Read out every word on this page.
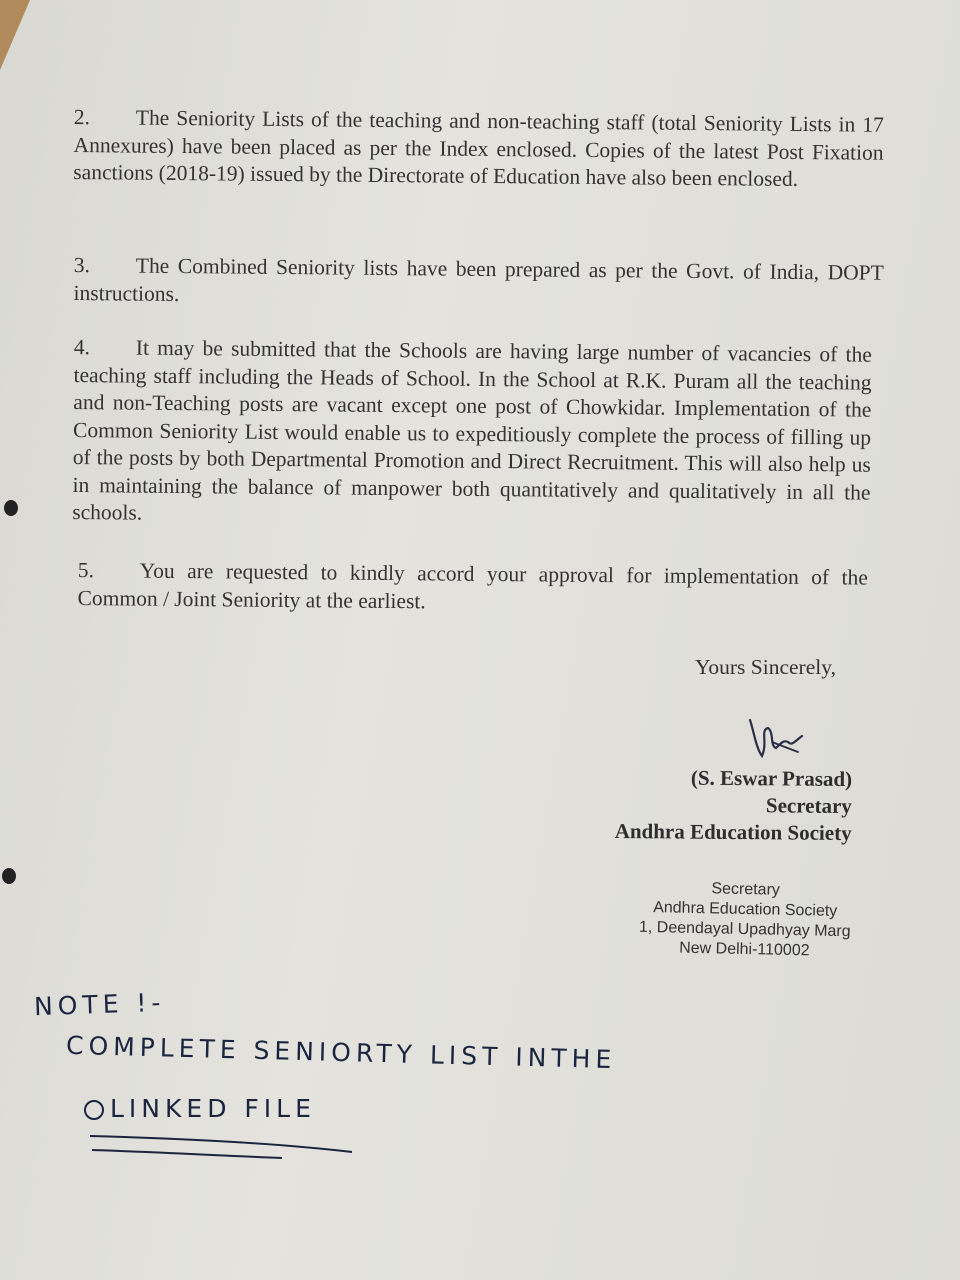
2. The Seniority Lists of the teaching and non-teaching staff (total Seniority Lists in 17 Annexures) have been placed as per the Index enclosed. Copies of the latest Post Fixation sanctions (2018-19) issued by the Directorate of Education have also been enclosed.
3. The Combined Seniority lists have been prepared as per the Govt. of India, DOPT instructions.
4. It may be submitted that the Schools are having large number of vacancies of the teaching staff including the Heads of School. In the School at R.K. Puram all the teaching and non-Teaching posts are vacant except one post of Chowkidar. Implementation of the Common Seniority List would enable us to expeditiously complete the process of filling up of the posts by both Departmental Promotion and Direct Recruitment. This will also help us in maintaining the balance of manpower both quantitatively and qualitatively in all the schools.
5. You are requested to kindly accord your approval for implementation of the Common / Joint Seniority at the earliest.
Yours Sincerely,
(S. Eswar Prasad)
Secretary
Andhra Education Society
Secretary
Andhra Education Society
1, Deendayal Upadhyay Marg
New Delhi-110002
NOTE !-
COMPLETE SENIORTY LIST INTHE
LINKED FILE
